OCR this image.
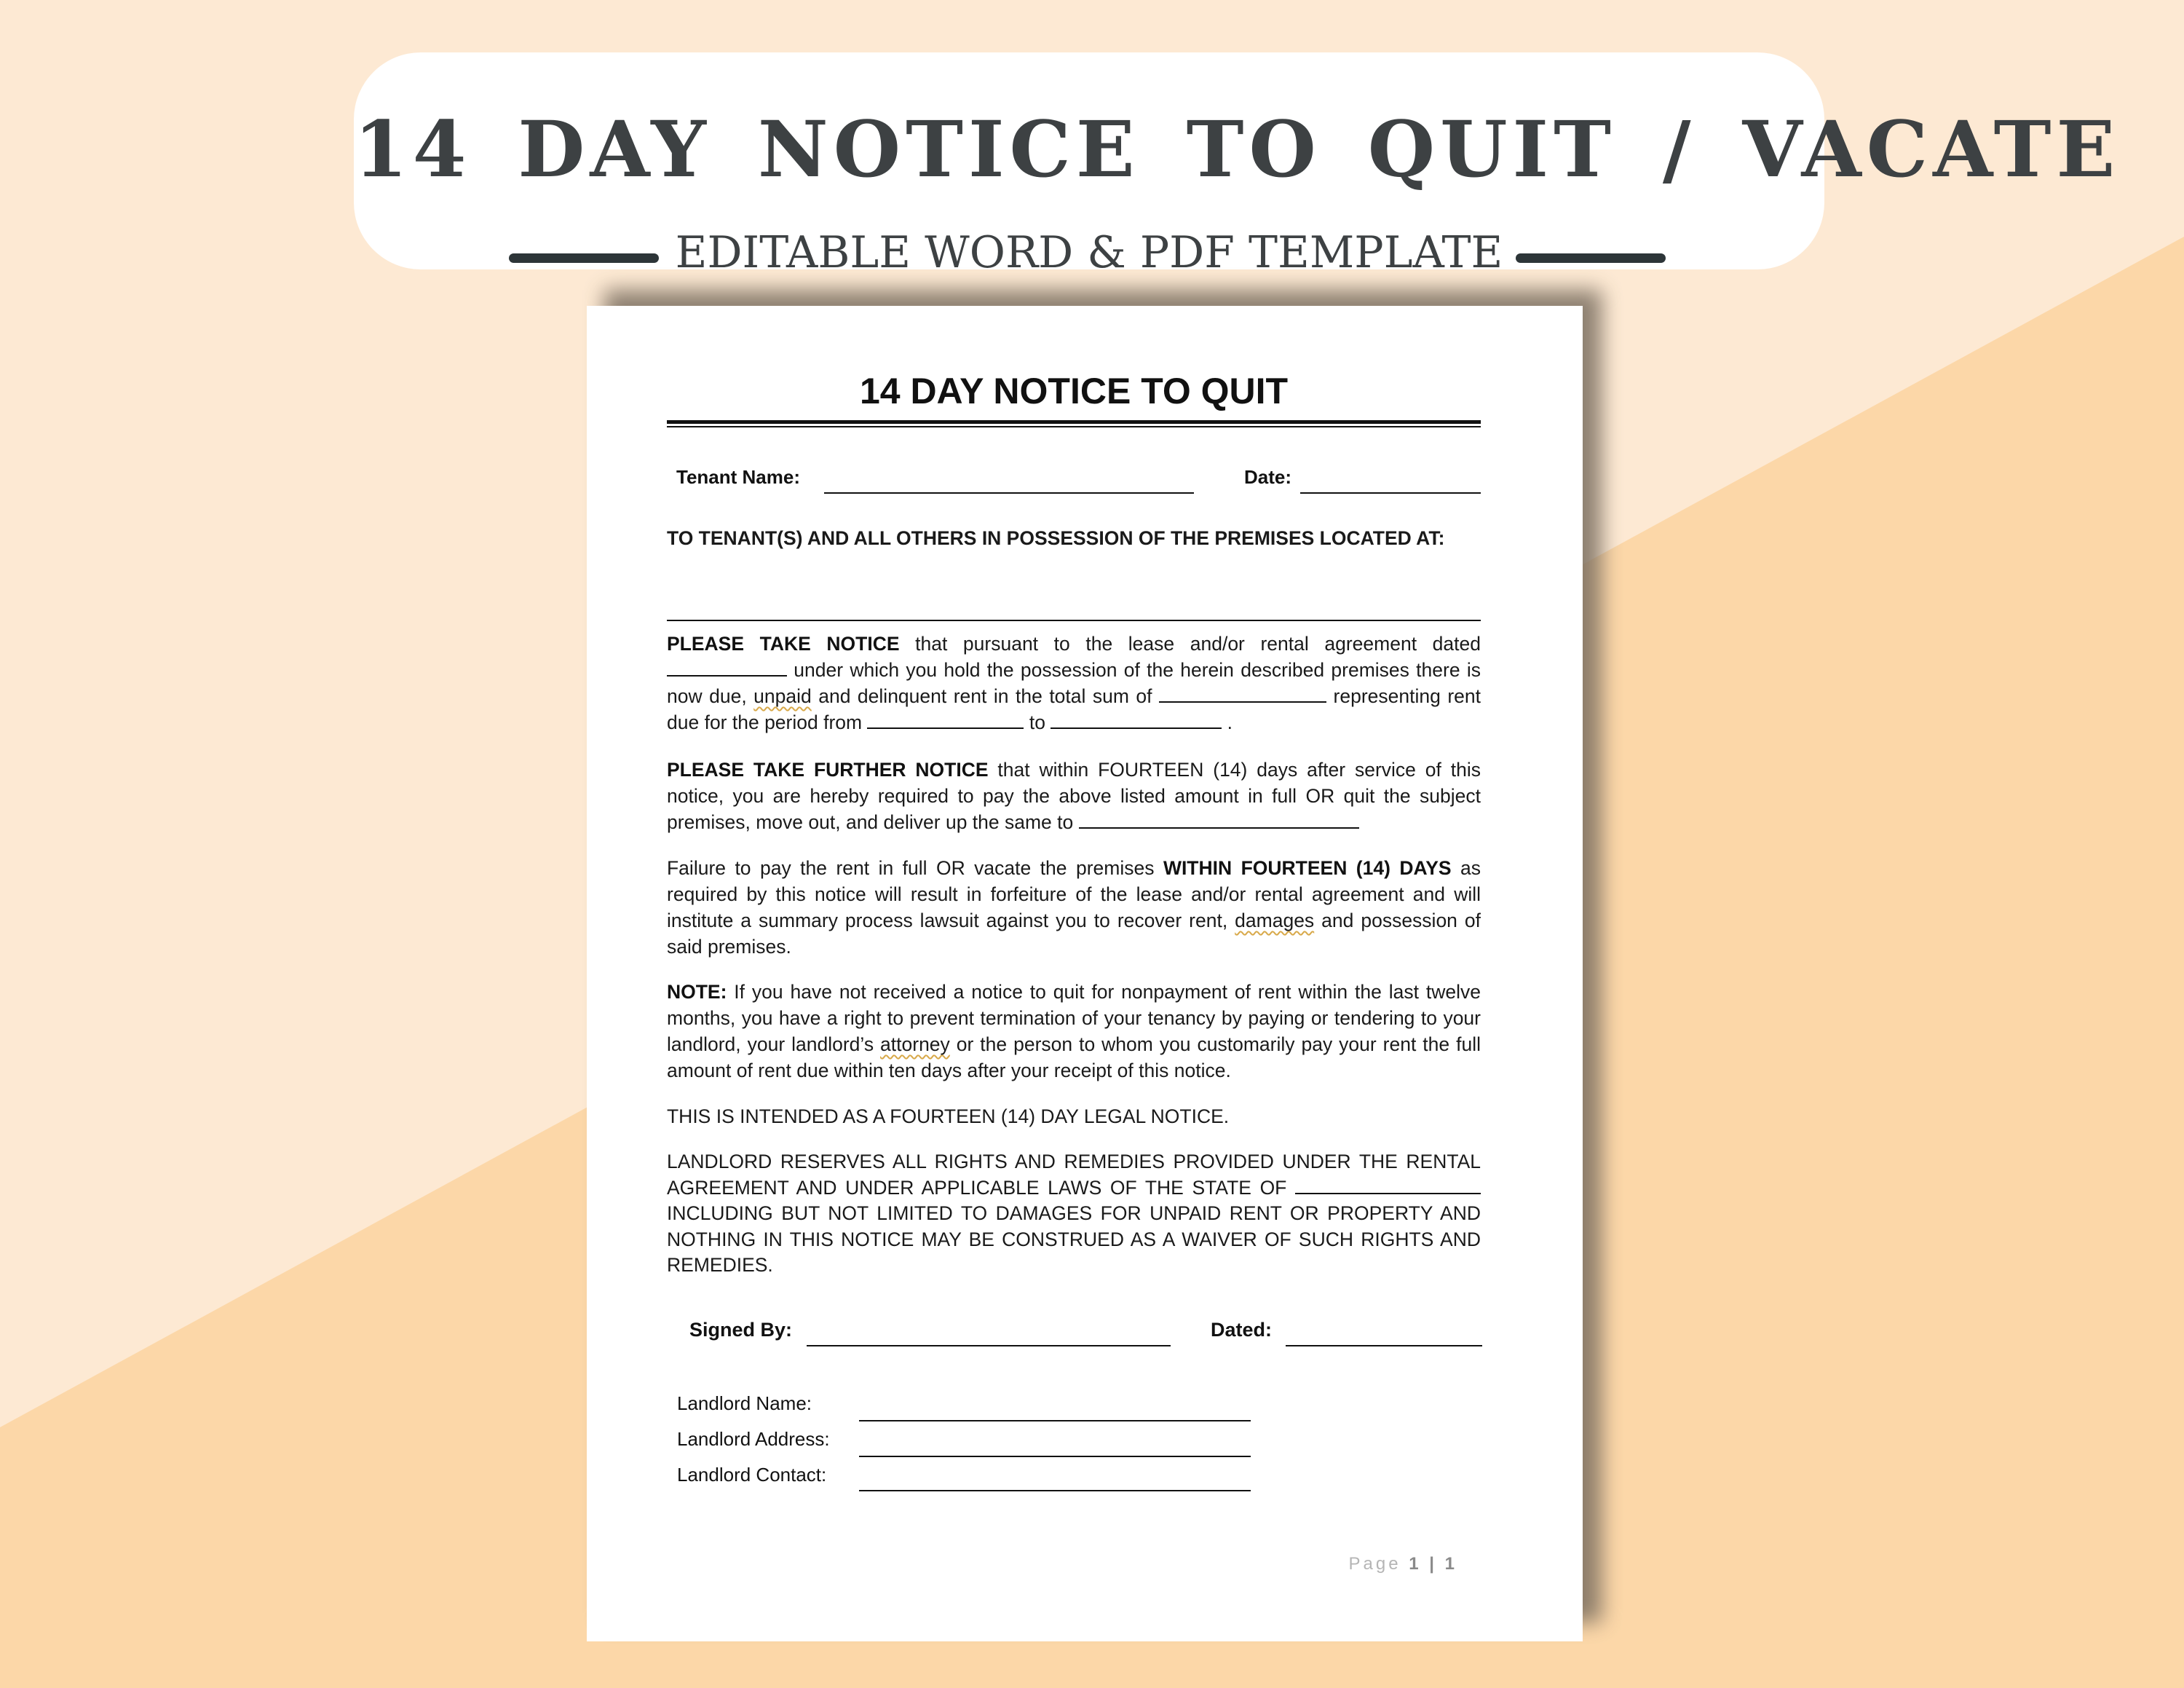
14 DAY NOTICE TO QUIT / VACATE
EDITABLE WORD & PDF TEMPLATE
14 DAY NOTICE TO QUIT
Tenant Name:	Date:
TO TENANT(S) AND ALL OTHERS IN POSSESSION OF THE PREMISES LOCATED AT:
PLEASE TAKE NOTICE that pursuant to the lease and/or rental agreement dated  under which you hold the possession of the herein described premises there is now due, unpaid and delinquent rent in the total sum of	representing rent due for the period from	to	.
PLEASE TAKE FURTHER NOTICE that within FOURTEEN (14) days after service of this notice, you are hereby required to pay the above listed amount in full OR quit the subject premises, move out, and deliver up the same to
Failure to pay the rent in full OR vacate the premises WITHIN FOURTEEN (14) DAYS as required by this notice will result in forfeiture of the lease and/or rental agreement and will institute a summary process lawsuit against you to recover rent, damages and possession of said premises.
NOTE: If you have not received a notice to quit for nonpayment of rent within the last twelve months, you have a right to prevent termination of your tenancy by paying or tendering to your landlord, your landlord’s attorney or the person to whom you customarily pay your rent the full amount of rent due within ten days after your receipt of this notice.
THIS IS INTENDED AS A FOURTEEN (14) DAY LEGAL NOTICE.
LANDLORD RESERVES ALL RIGHTS AND REMEDIES PROVIDED UNDER THE RENTAL AGREEMENT AND UNDER APPLICABLE LAWS OF THE STATE OF  INCLUDING BUT NOT LIMITED TO DAMAGES FOR UNPAID RENT OR PROPERTY AND NOTHING IN THIS NOTICE MAY BE CONSTRUED AS A WAIVER OF SUCH RIGHTS AND REMEDIES.
Signed By:	Dated:
Landlord Name:
Landlord Address:
Landlord Contact:
Page 1 | 1
